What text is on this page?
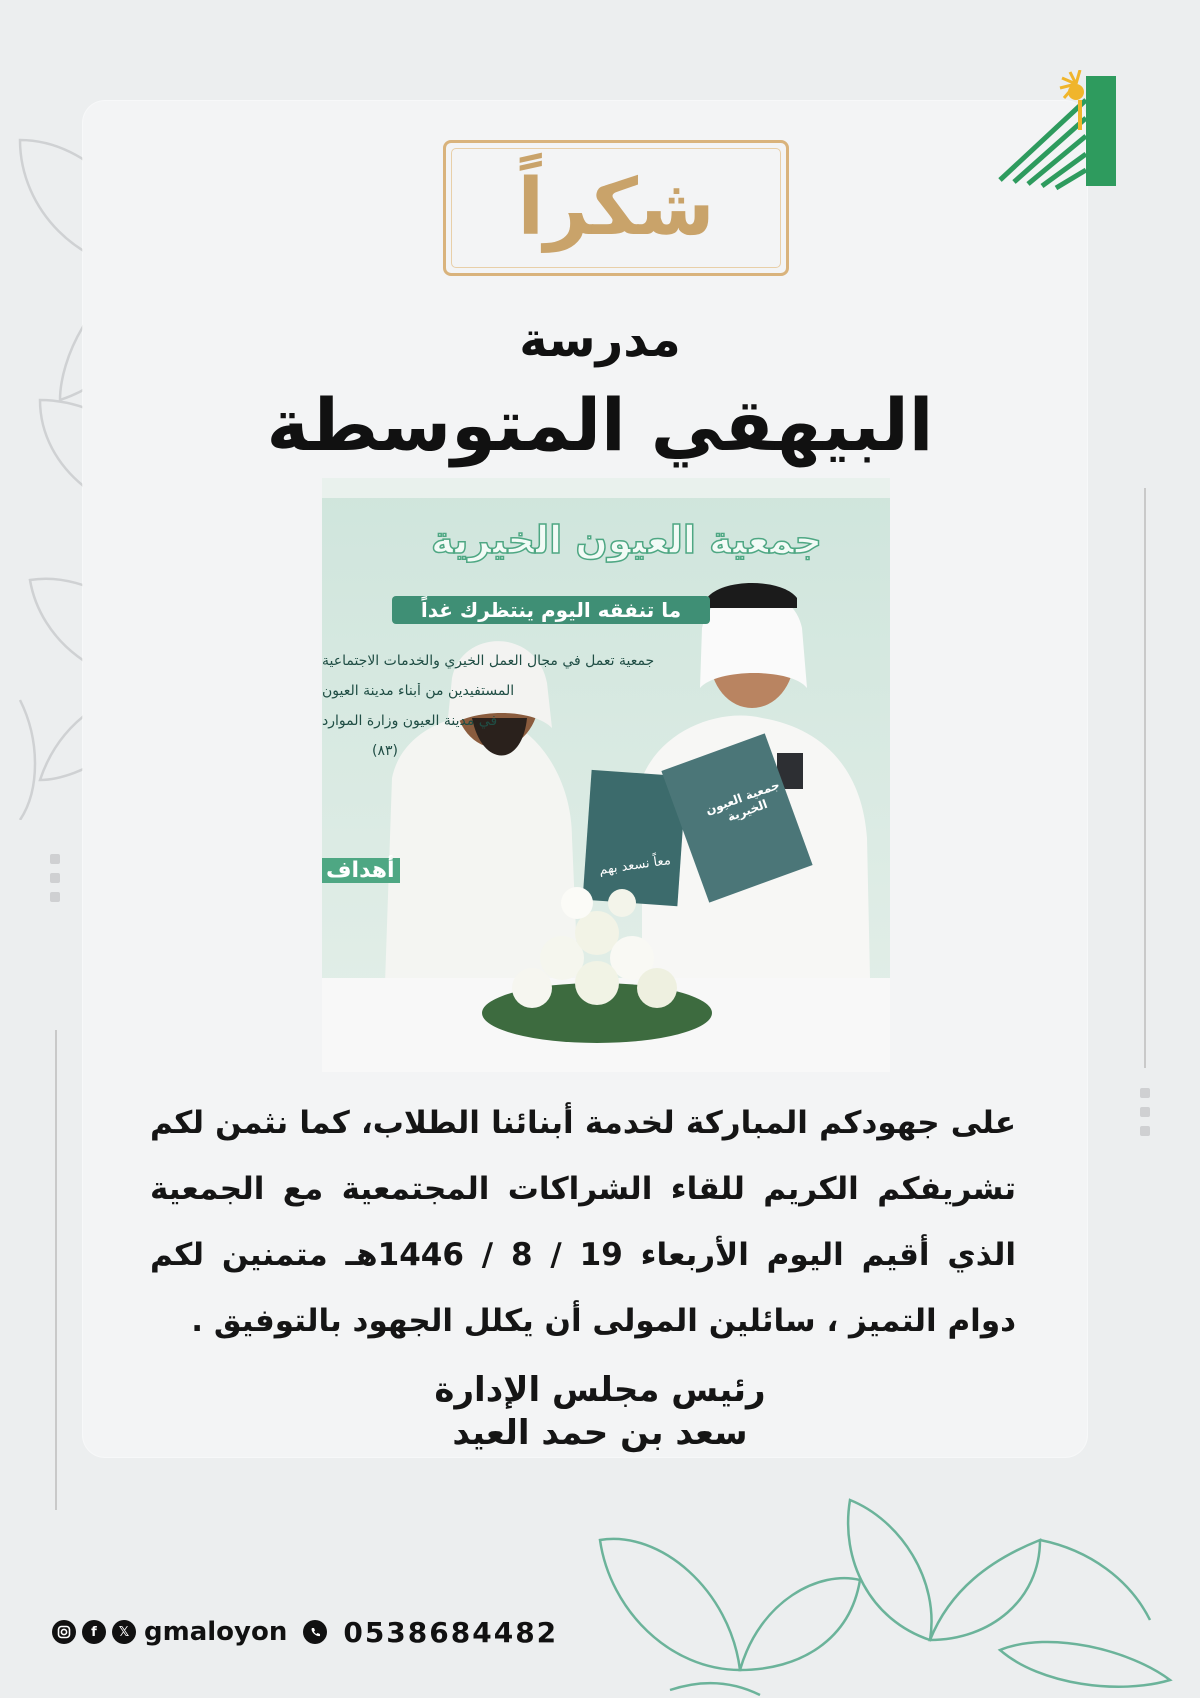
شكراً
مدرسة
البيهقي المتوسطة
جمعية العيون الخيرية
ما تنفقه اليوم ينتظرك غداً
جمعية تعمل في مجال العمل الخيري والخدمات الاجتماعية
المستفيدين من أبناء مدينة العيون
في مدينة العيون وزارة الموارد
(٨٣)
أهداف	معاً نسعد بهم
جمعية العيون الخيرية
على جهودكم المباركة لخدمة أبنائنا الطلاب، كما نثمن لكم تشريفكم الكريم للقاء الشراكات المجتمعية مع الجمعية الذي أقيم اليوم الأربعاء 19 / 8 / 1446هـ متمنين لكم دوام التميز ، سائلين المولى أن يكلل الجهود بالتوفيق .
رئيس مجلس الإدارة
سعد بن حمد العيد
f	𝕏 gmaloyon 0538684482
